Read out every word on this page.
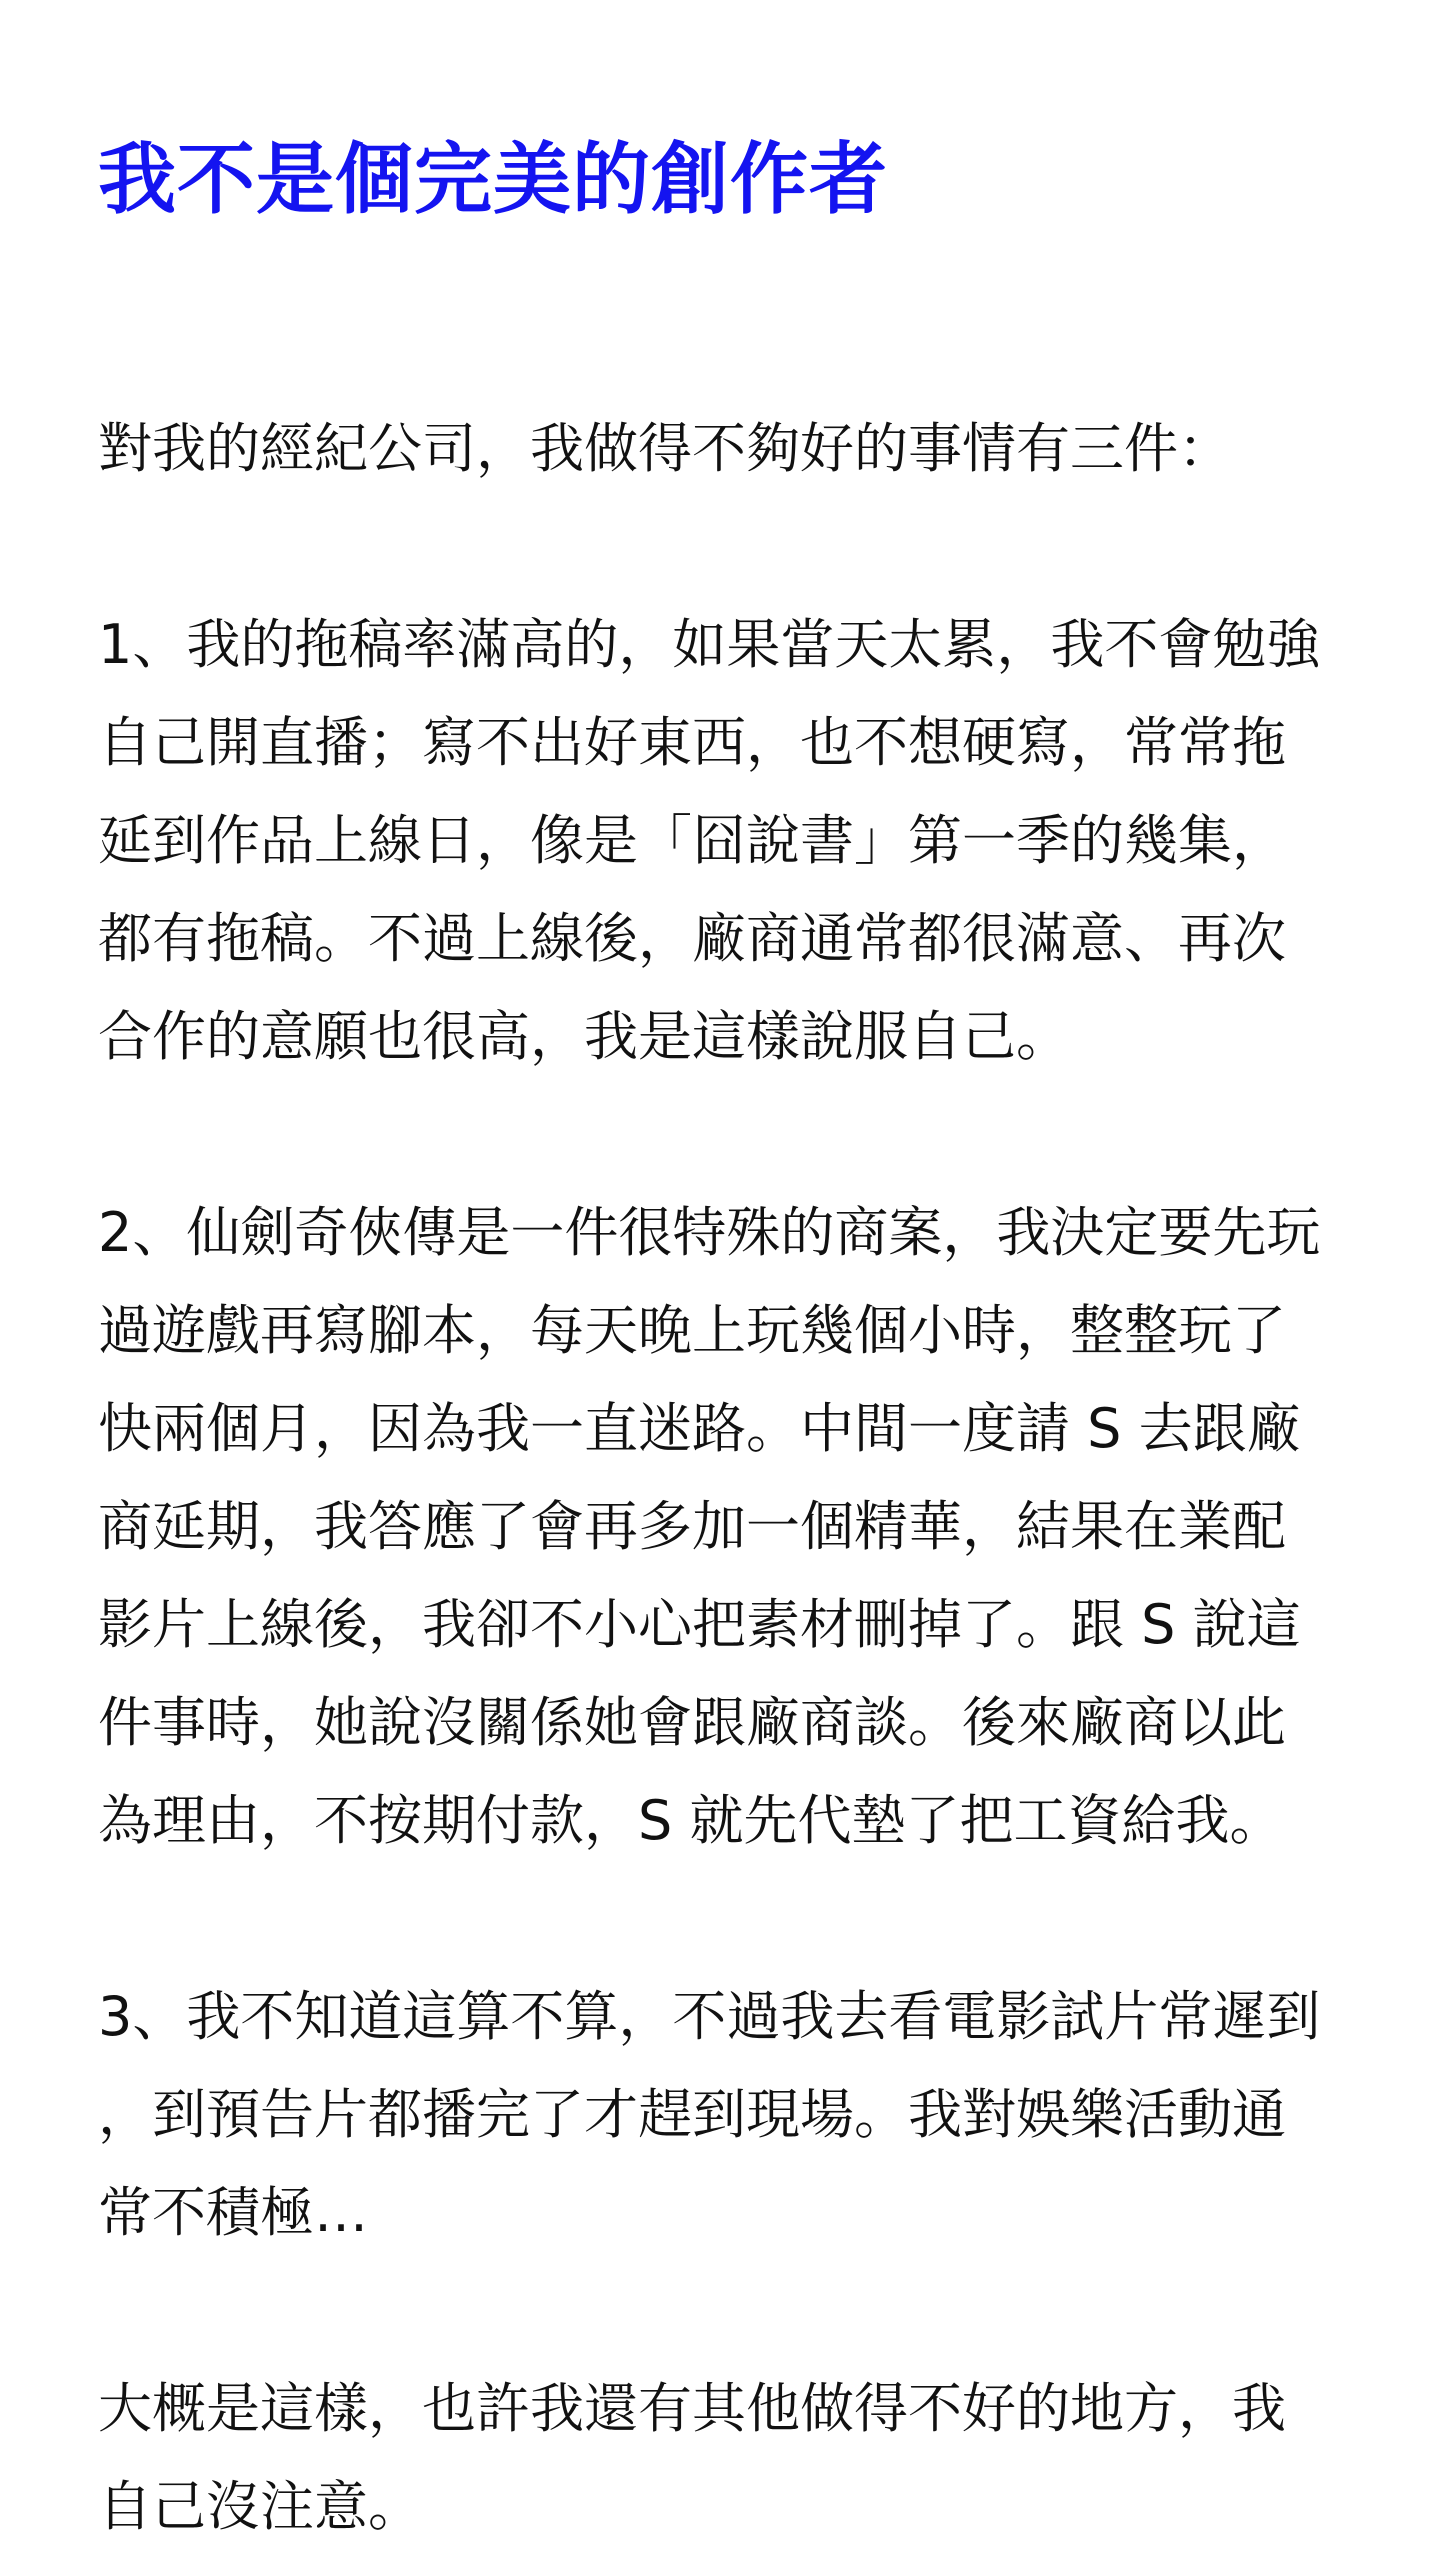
我不是個完美的創作者

對我的經紀公司，我做得不夠好的事情有三件：

1、我的拖稿率滿高的，如果當天太累，我不會勉強
自己開直播；寫不出好東西，也不想硬寫，常常拖
延到作品上線日，像是「囧說書」第一季的幾集，
都有拖稿。不過上線後，廠商通常都很滿意、再次
合作的意願也很高，我是這樣說服自己。

2、仙劍奇俠傳是一件很特殊的商案，我決定要先玩
過遊戲再寫腳本，每天晚上玩幾個小時，整整玩了
快兩個月，因為我一直迷路。中間一度請 S 去跟廠
商延期，我答應了會再多加一個精華，結果在業配
影片上線後，我卻不小心把素材刪掉了。跟 S 說這
件事時，她說沒關係她會跟廠商談。後來廠商以此
為理由，不按期付款，S 就先代墊了把工資給我。

3、我不知道這算不算，不過我去看電影試片常遲到
，到預告片都播完了才趕到現場。我對娛樂活動通
常不積極…

大概是這樣，也許我還有其他做得不好的地方，我
自己沒注意。
